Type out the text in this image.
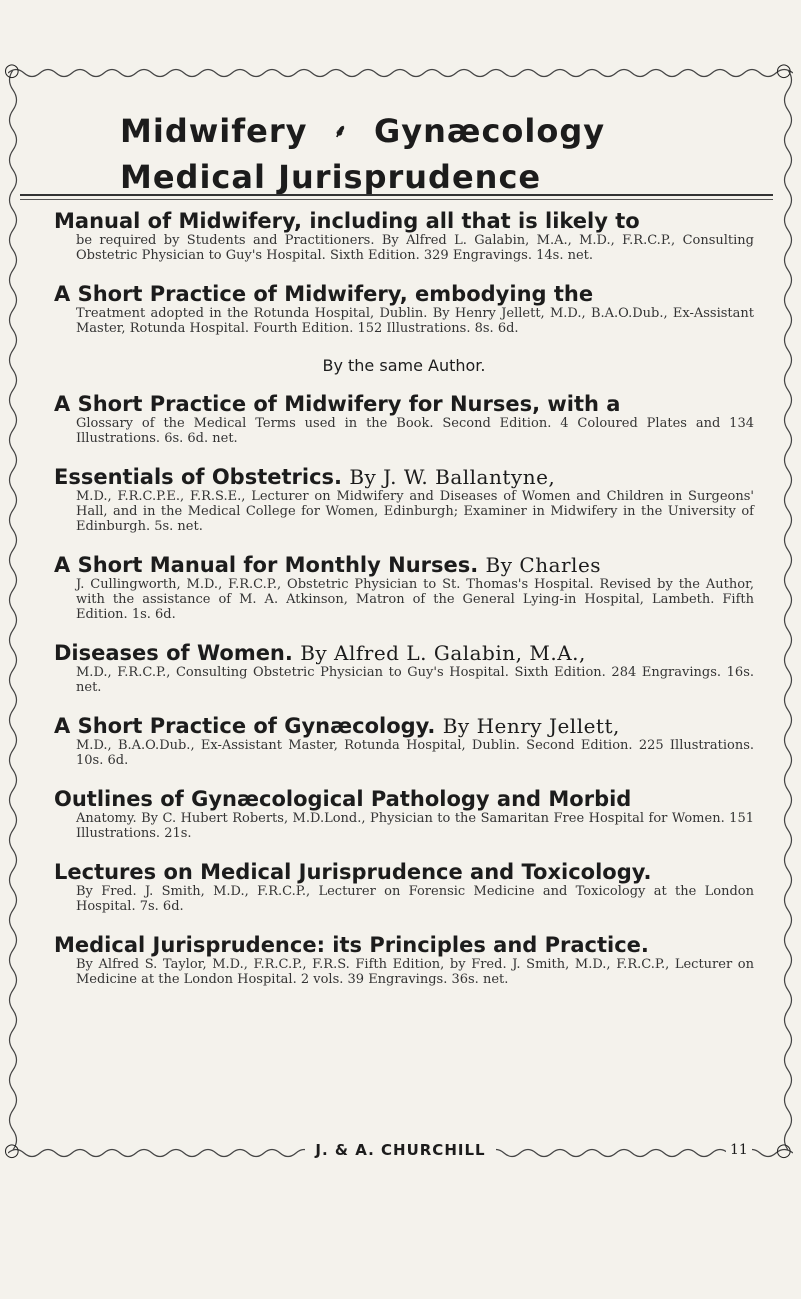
○	○
○	○
Midwifery ⸙ Gynæcology
Medical Jurisprudence

Manual of Midwifery, including all that is likely to

be required by Students and Practitioners. By Alfred L. Galabin, M.A., M.D., F.R.C.P., Consulting Obstetric Physician to Guy's Hospital. Sixth Edition. 329 Engravings. 14s. net.

A Short Practice of Midwifery, embodying the

Treatment adopted in the Rotunda Hospital, Dublin. By Henry Jellett, M.D., B.A.O.Dub., Ex-Assistant Master, Rotunda Hospital. Fourth Edition. 152 Illustrations. 8s. 6d.

By the same Author.

A Short Practice of Midwifery for Nurses, with a

Glossary of the Medical Terms used in the Book. Second Edition. 4 Coloured Plates and 134 Illustrations. 6s. 6d. net.

Essentials of Obstetrics. By J. W. Ballantyne,

M.D., F.R.C.P.E., F.R.S.E., Lecturer on Midwifery and Diseases of Women and Children in Surgeons' Hall, and in the Medical College for Women, Edinburgh; Examiner in Midwifery in the University of Edinburgh. 5s. net.

A Short Manual for Monthly Nurses. By Charles

J. Cullingworth, M.D., F.R.C.P., Obstetric Physician to St. Thomas's Hospital. Revised by the Author, with the assistance of M. A. Atkinson, Matron of the General Lying-in Hospital, Lambeth. Fifth Edition. 1s. 6d.

Diseases of Women. By Alfred L. Galabin, M.A.,

M.D., F.R.C.P., Consulting Obstetric Physician to Guy's Hospital. Sixth Edition. 284 Engravings. 16s. net.

A Short Practice of Gynæcology. By Henry Jellett,

M.D., B.A.O.Dub., Ex-Assistant Master, Rotunda Hospital, Dublin. Second Edition. 225 Illustrations. 10s. 6d.

Outlines of Gynæcological Pathology and Morbid

Anatomy. By C. Hubert Roberts, M.D.Lond., Physician to the Samaritan Free Hospital for Women. 151 Illustrations. 21s.

Lectures on Medical Jurisprudence and Toxicology.

By Fred. J. Smith, M.D., F.R.C.P., Lecturer on Forensic Medicine and Toxicology at the London Hospital. 7s. 6d.

Medical Jurisprudence: its Principles and Practice.

By Alfred S. Taylor, M.D., F.R.C.P., F.R.S. Fifth Edition, by Fred. J. Smith, M.D., F.R.C.P., Lecturer on Medicine at the London Hospital. 2 vols. 39 Engravings. 36s. net.

J. & A. CHURCHILL	11
